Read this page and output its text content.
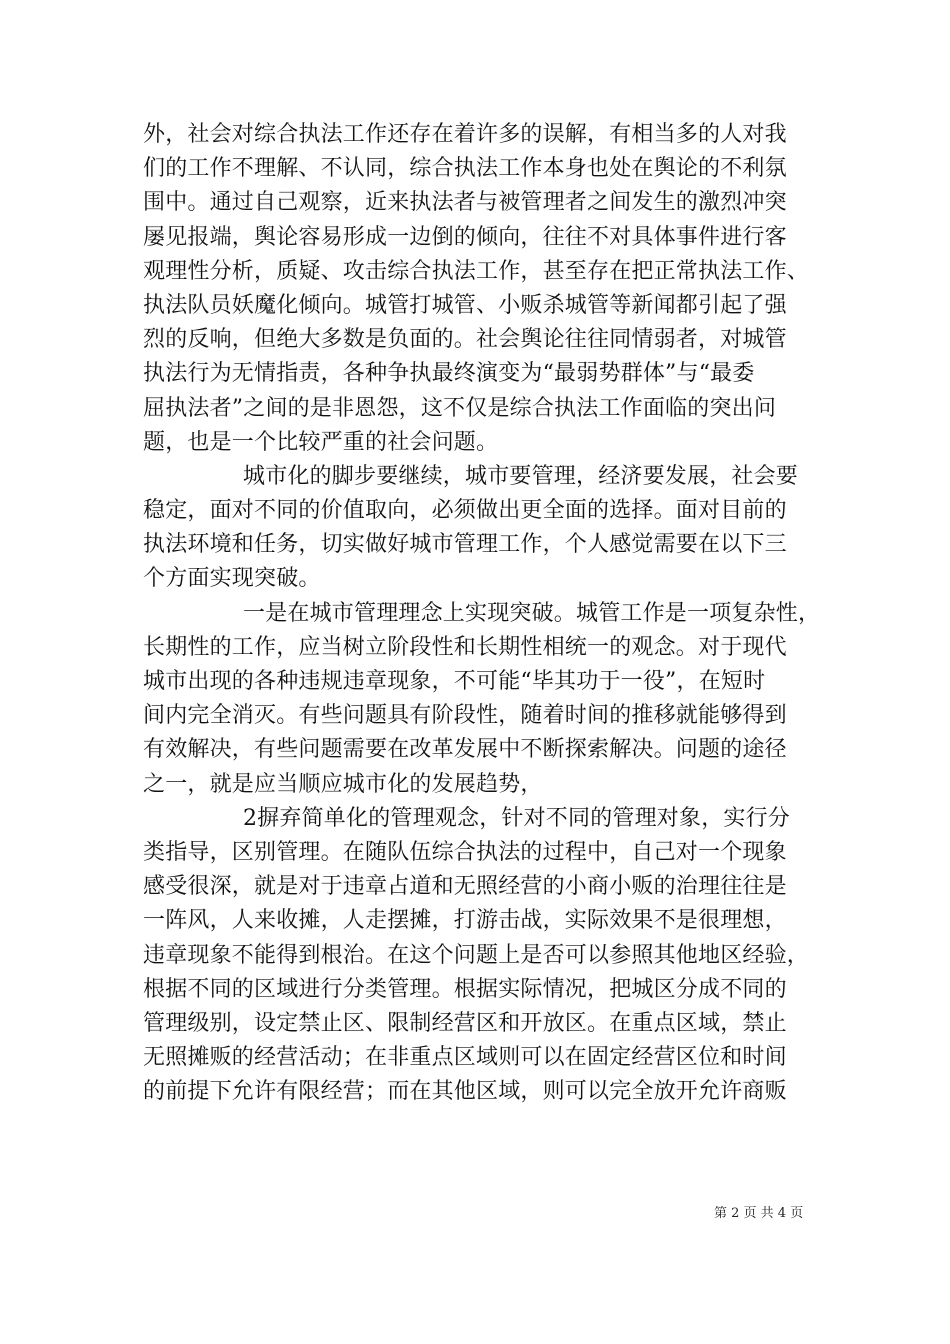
外，社会对综合执法工作还存在着许多的误解，有相当多的人对我
们的工作不理解、不认同，综合执法工作本身也处在舆论的不利氛
围中。通过自己观察，近来执法者与被管理者之间发生的激烈冲突
屡见报端，舆论容易形成一边倒的倾向，往往不对具体事件进行客
观理性分析，质疑、攻击综合执法工作，甚至存在把正常执法工作、
执法队员妖魔化倾向。城管打城管、小贩杀城管等新闻都引起了强
烈的反响，但绝大多数是负面的。社会舆论往往同情弱者，对城管
执法行为无情指责，各种争执最终演变为“最弱势群体”与“最委
屈执法者”之间的是非恩怨，这不仅是综合执法工作面临的突出问
题，也是一个比较严重的社会问题。
城市化的脚步要继续，城市要管理，经济要发展，社会要
稳定，面对不同的价值取向，必须做出更全面的选择。面对目前的
执法环境和任务，切实做好城市管理工作，个人感觉需要在以下三
个方面实现突破。
一是在城市管理理念上实现突破。城管工作是一项复杂性，
长期性的工作，应当树立阶段性和长期性相统一的观念。对于现代
城市出现的各种违规违章现象，不可能“毕其功于一役”，在短时
间内完全消灭。有些问题具有阶段性，随着时间的推移就能够得到
有效解决，有些问题需要在改革发展中不断探索解决。问题的途径
之一，就是应当顺应城市化的发展趋势，
2摒弃简单化的管理观念，针对不同的管理对象，实行分
类指导，区别管理。在随队伍综合执法的过程中，自己对一个现象
感受很深，就是对于违章占道和无照经营的小商小贩的治理往往是
一阵风，人来收摊，人走摆摊，打游击战，实际效果不是很理想，
违章现象不能得到根治。在这个问题上是否可以参照其他地区经验，
根据不同的区域进行分类管理。根据实际情况，把城区分成不同的
管理级别，设定禁止区、限制经营区和开放区。在重点区域，禁止
无照摊贩的经营活动；在非重点区域则可以在固定经营区位和时间
的前提下允许有限经营；而在其他区域，则可以完全放开允许商贩
第 2 页 共 4 页
